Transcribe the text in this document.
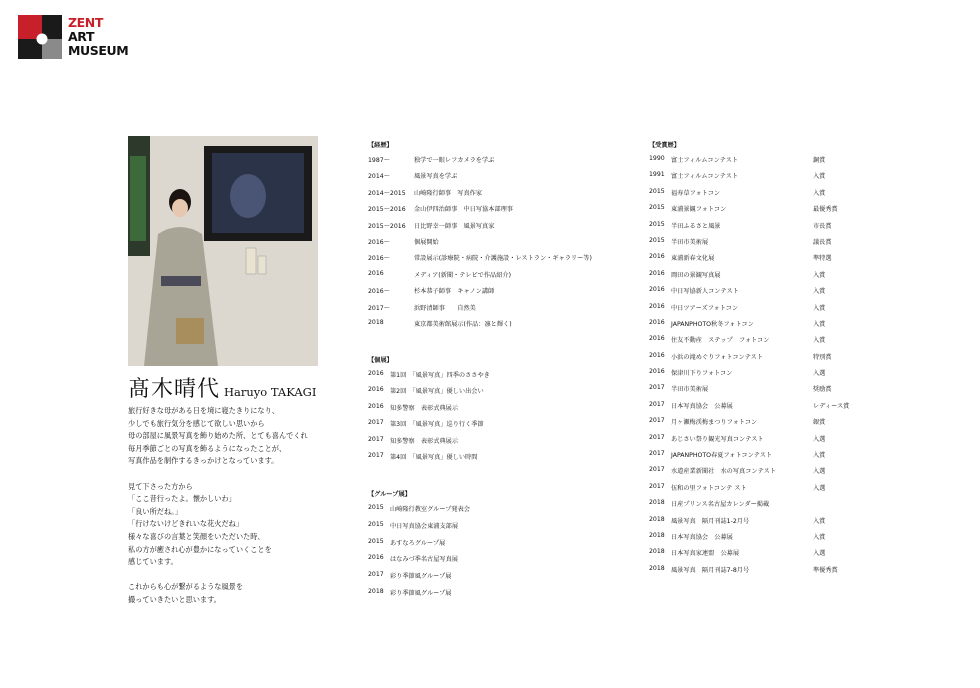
ZENT
ART
MUSEUM
髙木晴代 Haruyo TAKAGI

旅行好きな母がある日を境に寝たきりになり、
少しでも旅行気分を感じて欲しい思いから
母の部屋に風景写真を飾り始めた所、とても喜んでくれ
毎月季節ごとの写真を飾るようになったことが、
写真作品を制作するきっかけとなっています。

見て下さった方から
「ここ昔行ったよ。懐かしいわ」
「良い所だね。」
「行けないけどきれいな花火だね」
様々な喜びの言葉と笑顔をいただいた時、
私の方が癒され心が豊かになっていくことを
感じています。

これからも心が繋がるような風景を
撮っていきたいと思います。

【経歴】
1987～	独学で一眼レフカメラを学ぶ
2014～	風景写真を学ぶ
2014～2015	山崎隆行師事　写真作家
2015～2016	金山伊四治師事　中日写協本部理事
2015～2016	日比野幸一師事　風景写真家
2016～	個展開始
2016～	常設展示(診療院・病院・介護施設・レストラン・ギャラリー等)
2016	メディア(新聞・テレビで作品紹介)
2016～	杉本恭子師事　キャノン講師
2017～	浜野清師事　　自然美
2018	東京都美術館展示(作品：凛と輝く)
【個展】
2016	第1回　「風景写真」四季のささやき
2016	第2回　「風景写真」優しい出会い
2016	知多警察　表彰式典展示
2017	第3回　「風景写真」巡り行く季節
2017	知多警察　表彰式典展示
2017	第4回　「風景写真」優しい時間
【グループ展】
2015	山崎隆行教室グループ発表会
2015	中日写真協会東浦支部展
2015	あすなろグループ展
2016	はなみづ季名古屋写真展
2017	彩り季節風グループ展
2018	彩り季節風グループ展
【受賞歴】
1990	富士フィルムコンテスト	銅賞
1991	富士フィルムコンテスト	入賞
2015	福寿草フォトコン	入賞
2015	東浦景観フォトコン	最優秀賞
2015	半田ふるさと風景	市長賞
2015	半田市美術展	議長賞
2016	東浦新春文化展	準特選
2016	岡田の景観写真展	入賞
2016	中日写協新人コンテスト	入賞
2016	中日ツアーズフォトコン	入賞
2016	JAPANPHOTO秋冬フォトコン	入賞
2016	住友不動産　ステップ　フォトコン	入賞
2016	小浜の滝めぐりフォトコンテスト	特別賞
2016	保津川下りフォトコン	入選
2017	半田市美術展	奨励賞
2017	日本写真協会　公募展	レディース賞
2017	月ヶ瀬梅渓梅まつりフォトコン	銀賞
2017	あじさい祭り観光写真コンテスト	入選
2017	JAPANPHOTO春夏フォトコンテスト	入賞
2017	水道産業新聞社　水の写真コンテスト	入選
2017	伍和の里フォトコンテ スト	入選
2018	日産プリンス名古屋カレンダー掲載
2018	風景写真　隔月刊誌1-2月号	入賞
2018	日本写真協会　公募展	入賞
2018	日本写真家連盟　公募展	入選
2018	風景写真　隔月刊誌7-8月号	準優秀賞
